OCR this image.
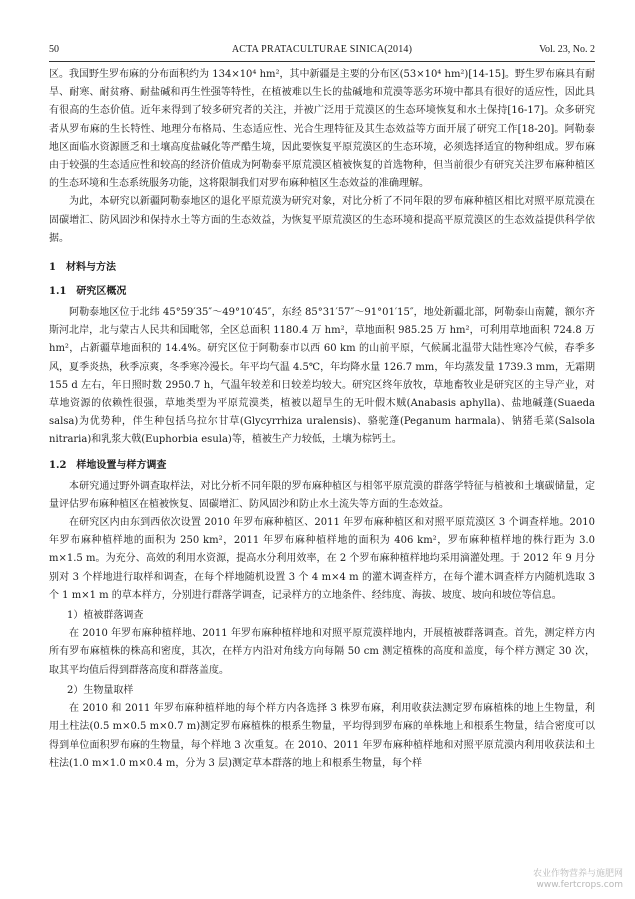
50	ACTA PRATACULTURAE SINICA(2014)	Vol. 23, No. 2

区。我国野生罗布麻的分布面积约为 134×10⁴ hm²，其中新疆是主要的分布区(53×10⁴ hm²)[14-15]。野生罗布麻具有耐旱、耐寒、耐贫瘠、耐盐碱和再生性强等特性，在植被难以生长的盐碱地和荒漠等恶劣环境中都具有很好的适应性，因此具有很高的生态价值。近年来得到了较多研究者的关注，并被广泛用于荒漠区的生态环境恢复和水土保持[16-17]。众多研究者从罗布麻的生长特性、地理分布格局、生态适应性、光合生理特征及其生态效益等方面开展了研究工作[18-20]。阿勒泰地区面临水资源匮乏和土壤高度盐碱化等严酷生境，因此要恢复平原荒漠区的生态环境，必须选择适宜的物种组成。罗布麻由于较强的生态适应性和较高的经济价值成为阿勒泰平原荒漠区植被恢复的首选物种，但当前很少有研究关注罗布麻种植区的生态环境和生态系统服务功能，这将限制我们对罗布麻种植区生态效益的准确理解。

为此，本研究以新疆阿勒泰地区的退化平原荒漠为研究对象，对比分析了不同年限的罗布麻种植区相比对照平原荒漠在固碳增汇、防风固沙和保持水土等方面的生态效益，为恢复平原荒漠区的生态环境和提高平原荒漠区的生态效益提供科学依据。

1　材料与方法
1.1　研究区概况

阿勒泰地区位于北纬 45°59′35″～49°10′45″，东经 85°31′57″～91°01′15″，地处新疆北部，阿勒泰山南麓，额尔齐斯河北岸，北与蒙古人民共和国毗邻，全区总面积 1180.4 万 hm²，草地面积 985.25 万 hm²，可利用草地面积 724.8 万 hm²，占新疆草地面积的 14.4%。研究区位于阿勒泰市以西 60 km 的山前平原，气候属北温带大陆性寒冷气候，春季多风，夏季炎热，秋季凉爽，冬季寒冷漫长。年平均气温 4.5℃，年均降水量 126.7 mm，年均蒸发量 1739.3 mm，无霜期 155 d 左右，年日照时数 2950.7 h，气温年较差和日较差均较大。研究区终年放牧，草地畜牧业是研究区的主导产业，对草地资源的依赖性很强，草地类型为平原荒漠类，植被以超旱生的无叶假木贼(Anabasis aphylla)、盐地碱蓬(Suaeda salsa)为优势种，伴生种包括乌拉尔甘草(Glycyrrhiza uralensis)、骆驼蓬(Peganum harmala)、钠猪毛菜(Salsola nitraria)和乳浆大戟(Euphorbia esula)等，植被生产力较低，土壤为棕钙土。

1.2　样地设置与样方调查

本研究通过野外调查取样法，对比分析不同年限的罗布麻种植区与相邻平原荒漠的群落学特征与植被和土壤碳储量，定量评估罗布麻种植区在植被恢复、固碳增汇、防风固沙和防止水土流失等方面的生态效益。

在研究区内由东到西依次设置 2010 年罗布麻种植区、2011 年罗布麻种植区和对照平原荒漠区 3 个调查样地。2010 年罗布麻种植样地的面积为 250 km²，2011 年罗布麻种植样地的面积为 406 km²，罗布麻种植样地的株行距为 3.0 m×1.5 m。为充分、高效的利用水资源，提高水分利用效率，在 2 个罗布麻种植样地均采用滴灌处理。于 2012 年 9 月分别对 3 个样地进行取样和调查，在每个样地随机设置 3 个 4 m×4 m 的灌木调查样方，在每个灌木调查样方内随机选取 3 个 1 m×1 m 的草本样方，分别进行群落学调查，记录样方的立地条件、经纬度、海拔、坡度、坡向和坡位等信息。

1）植被群落调查

在 2010 年罗布麻种植样地、2011 年罗布麻种植样地和对照平原荒漠样地内，开展植被群落调查。首先，测定样方内所有罗布麻植株的株高和密度，其次，在样方内沿对角线方向每隔 50 cm 测定植株的高度和盖度，每个样方测定 30 次，取其平均值后得到群落高度和群落盖度。

2）生物量取样

在 2010 和 2011 年罗布麻种植样地的每个样方内各选择 3 株罗布麻，利用收获法测定罗布麻植株的地上生物量，利用土柱法(0.5 m×0.5 m×0.7 m)测定罗布麻植株的根系生物量，平均得到罗布麻的单株地上和根系生物量，结合密度可以得到单位面积罗布麻的生物量，每个样地 3 次重复。在 2010、2011 年罗布麻种植样地和对照平原荒漠内利用收获法和土柱法(1.0 m×1.0 m×0.4 m，分为 3 层)测定草本群落的地上和根系生物量，每个样

农业作物营养与施肥网
www.fertcrops.com
